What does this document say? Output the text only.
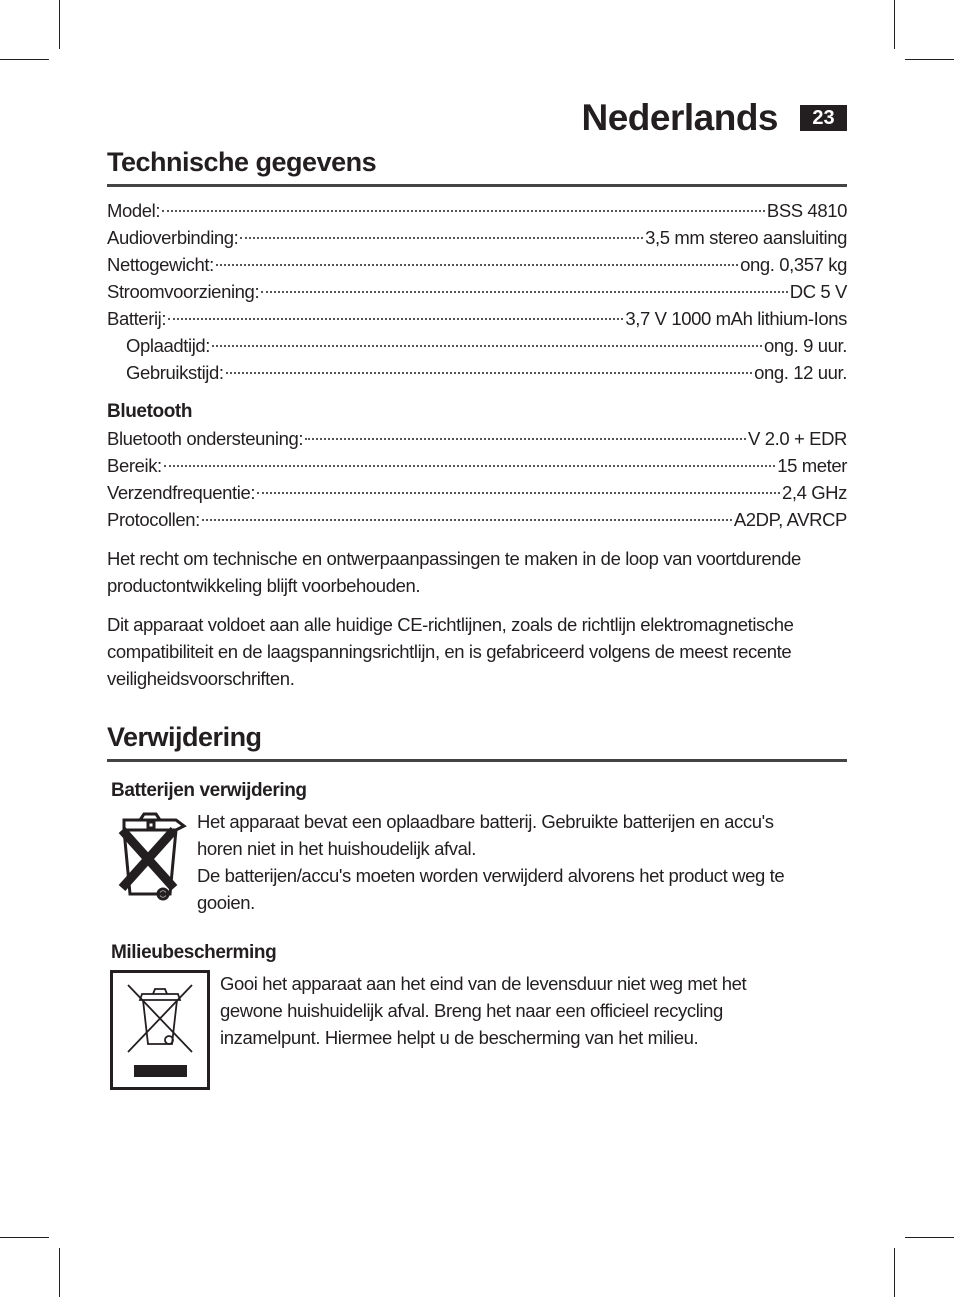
Nederlands	23
Technische gegevens
Model:	BSS 4810
Audioverbinding:	3,5 mm stereo aansluiting
Nettogewicht:	ong. 0,357 kg
Stroomvoorziening:	DC 5 V
Batterij:	3,7 V 1000 mAh lithium-Ions
Oplaadtijd:	ong. 9 uur.
Gebruikstijd:	ong. 12 uur.
Bluetooth
Bluetooth ondersteuning:	V 2.0 + EDR
Bereik:	15 meter
Verzendfrequentie:	2,4 GHz
Protocollen:	A2DP, AVRCP

Het recht om technische en ontwerpaanpassingen te maken in de loop van voortdurende
productontwikkeling blijft voorbehouden.

Dit apparaat voldoet aan alle huidige CE-richtlijnen, zoals de richtlijn elektromagnetische
compatibiliteit en de laagspanningsrichtlijn, en is gefabriceerd volgens de meest recente
veiligheidsvoorschriften.

Verwijdering
Batterijen verwijdering

Het apparaat bevat een oplaadbare batterij. Gebruikte batterijen en accu's
horen niet in het huishoudelijk afval.
De batterijen/accu's moeten worden verwijderd alvorens het product weg te
gooien.

Milieubescherming

Gooi het apparaat aan het eind van de levensduur niet weg met het
gewone huishuidelijk afval. Breng het naar een officieel recycling
inzamelpunt. Hiermee helpt u de bescherming van het milieu.
